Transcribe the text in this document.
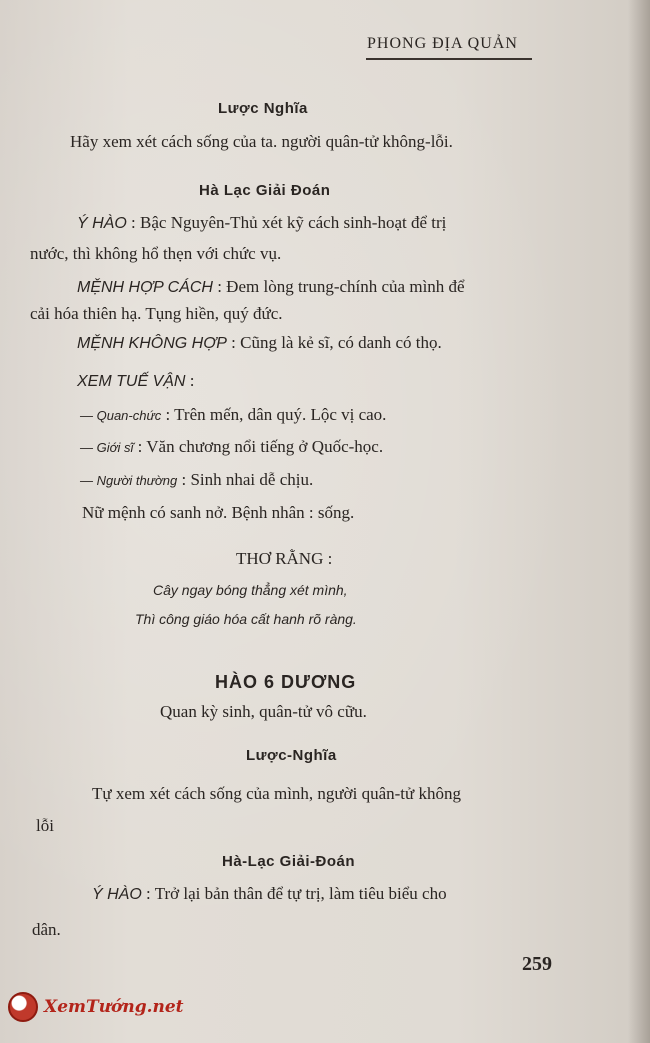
PHONG ĐỊA QUẢN
Lược Nghĩa
Hãy xem xét cách sống của ta. người quân-tử không-lỗi.
Hà Lạc Giải Đoán
Ý HÀO : Bậc Nguyên-Thủ xét kỹ cách sinh-hoạt để trị
nước, thì không hổ thẹn với chức vụ.
MỆNH HỢP CÁCH : Đem lòng trung-chính của mình để
cải hóa thiên hạ. Tụng hiền, quý đức.
MỆNH KHÔNG HỢP : Cũng là kẻ sĩ, có danh có thọ.
XEM TUẾ VẬN :
— Quan-chức : Trên mến, dân quý. Lộc vị cao.
— Giới sĩ : Văn chương nổi tiếng ở Quốc-học.
— Người thường : Sinh nhai dễ chịu.
Nữ mệnh có sanh nở. Bệnh nhân : sống.
THƠ RẰNG :
Cây ngay bóng thẳng xét mình,
Thì công giáo hóa cất hanh rõ ràng.
HÀO 6 DƯƠNG
Quan kỳ sinh, quân-tử vô cữu.
Lược-Nghĩa
Tự xem xét cách sống của mình, người quân-tử không
lỗi
Hà-Lạc Giải-Đoán
Ý HÀO : Trở lại bản thân để tự trị, làm tiêu biểu cho
dân.
259
XemTướng.net
